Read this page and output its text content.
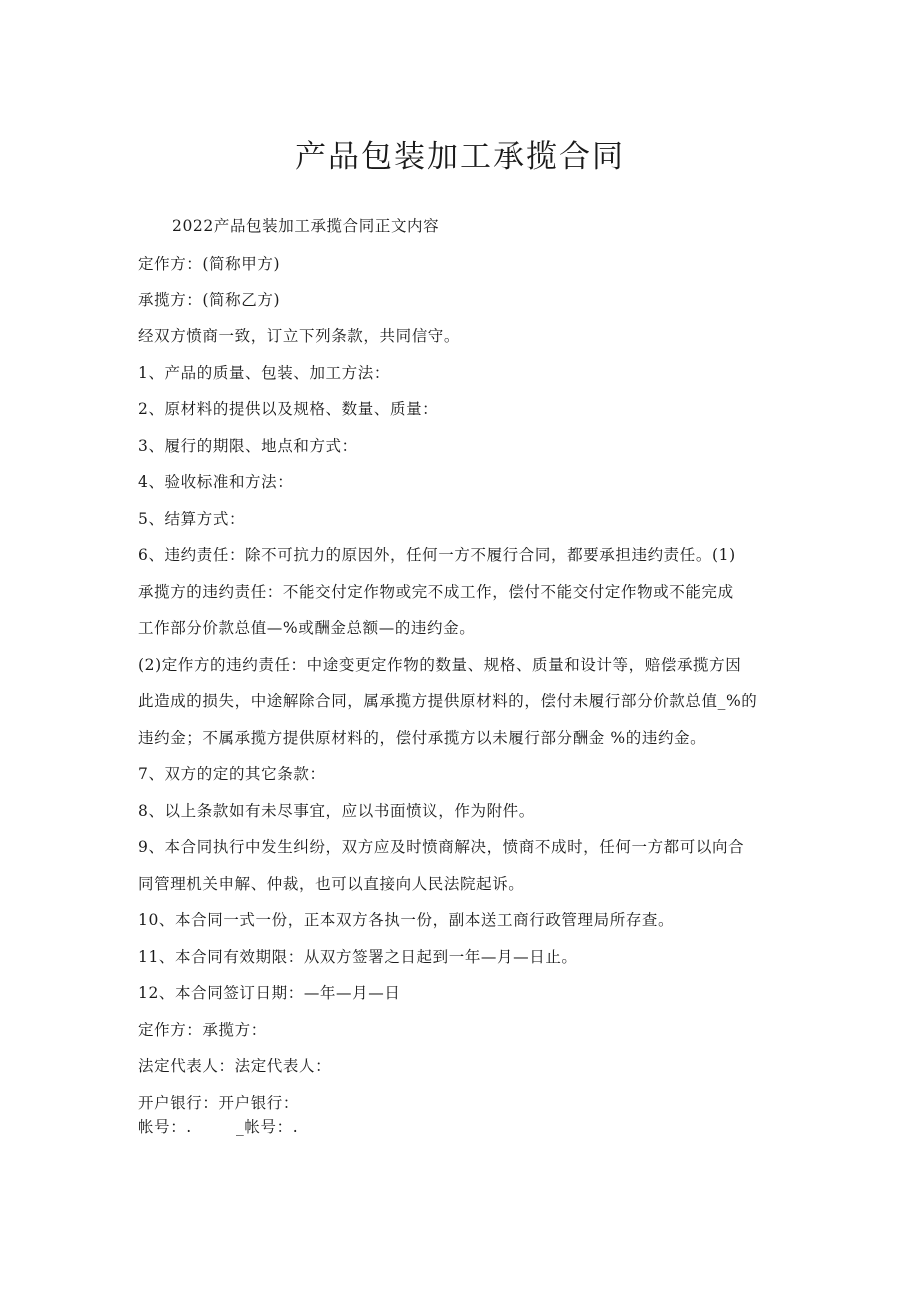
产品包装加工承揽合同

2022产品包装加工承揽合同正文内容

定作方：(简称甲方)

承揽方：(简称乙方)

经双方愤商一致，订立下列条款，共同信守。

1、产品的质量、包装、加工方法：

2、原材料的提供以及规格、数量、质量：

3、履行的期限、地点和方式：

4、验收标准和方法：

5、结算方式：

6、违约责任：除不可抗力的原因外，任何一方不履行合同，都要承担违约责任。(1)

承揽方的违约责任：不能交付定作物或完不成工作，偿付不能交付定作物或不能完成

工作部分价款总值—%或酬金总额—的违约金。

(2)定作方的违约责任：中途变更定作物的数量、规格、质量和设计等，赔偿承揽方因

此造成的损失，中途解除合同，属承揽方提供原材料的，偿付未履行部分价款总值_%的

违约金；不属承揽方提供原材料的，偿付承揽方以未履行部分酬金 %的违约金。

7、双方的定的其它条款：

8、以上条款如有未尽事宜，应以书面愤议，作为附件。

9、本合同执行中发生纠纷，双方应及时愤商解决，愤商不成时，任何一方都可以向合

同管理机关申解、仲裁，也可以直接向人民法院起诉。

10、本合同一式一份，正本双方各执一份，副本送工商行政管理局所存查。

11、本合同有效期限：从双方签署之日起到一年—月—日止。

12、本合同签订日期：—年—月—日

定作方：承揽方：

法定代表人：法定代表人：

开户银行：开户银行：

帐号：.        _帐号：.
